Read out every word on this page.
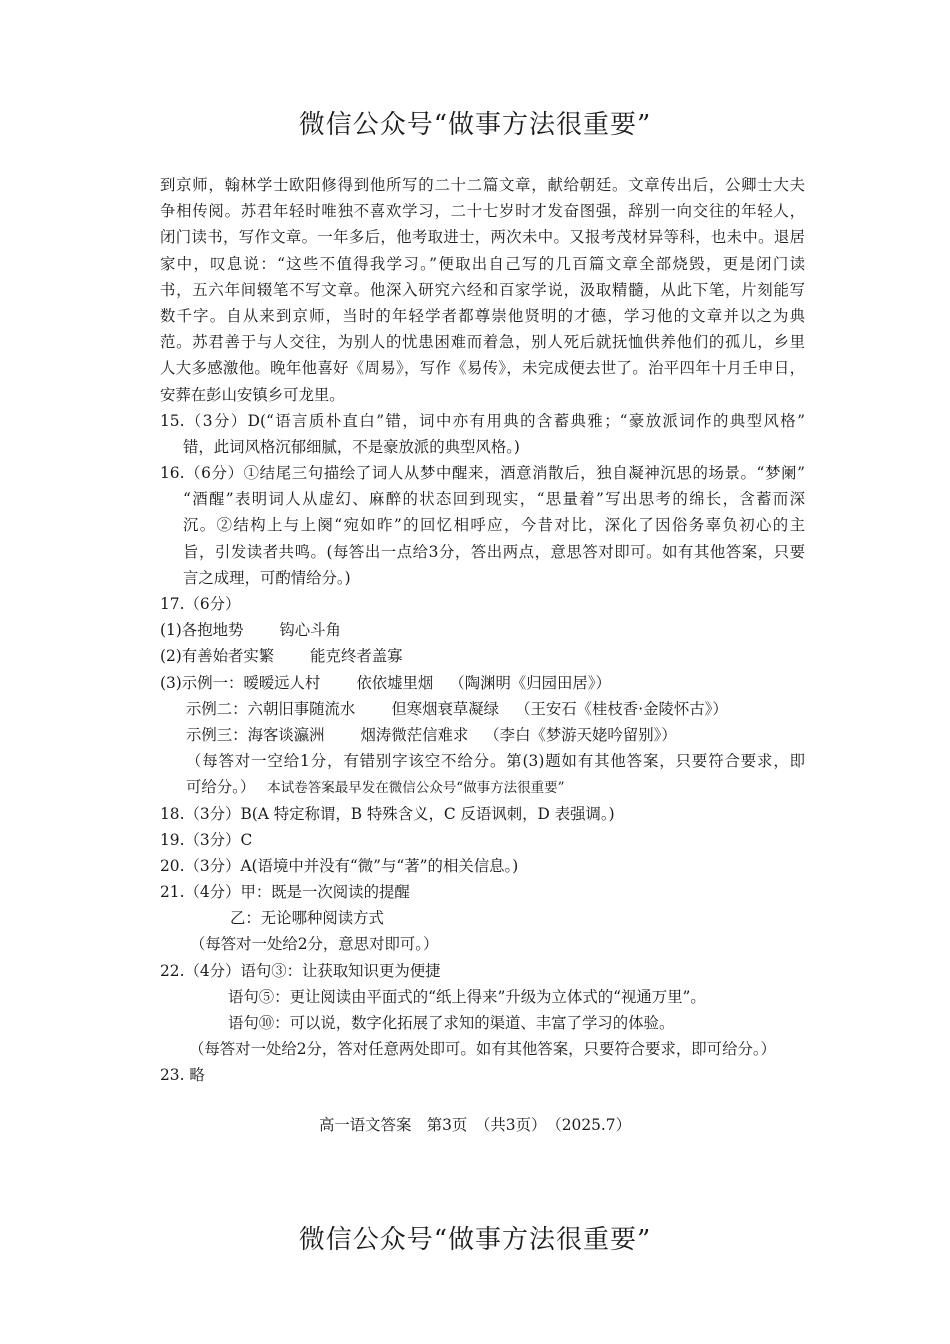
微信公众号“做事方法很重要”
到京师，翰林学士欧阳修得到他所写的二十二篇文章，献给朝廷。文章传出后，公卿士大夫
争相传阅。苏君年轻时唯独不喜欢学习，二十七岁时才发奋图强，辞别一向交往的年轻人，
闭门读书，写作文章。一年多后，他考取进士，两次未中。又报考茂材异等科，也未中。退居
家中，叹息说：“这些不值得我学习。”便取出自己写的几百篇文章全部烧毁，更是闭门读
书，五六年间辍笔不写文章。他深入研究六经和百家学说，汲取精髓，从此下笔，片刻能写
数千字。自从来到京师，当时的年轻学者都尊崇他贤明的才德，学习他的文章并以之为典
范。苏君善于与人交往，为别人的忧患困难而着急，别人死后就抚恤供养他们的孤儿，乡里
人大多感激他。晚年他喜好《周易》，写作《易传》，未完成便去世了。治平四年十月壬申日，
安葬在彭山安镇乡可龙里。
15.（3分）D(“语言质朴直白”错，词中亦有用典的含蓄典雅；“豪放派词作的典型风格”
错，此词风格沉郁细腻，不是豪放派的典型风格。)
16.（6分）①结尾三句描绘了词人从梦中醒来，酒意消散后，独自凝神沉思的场景。“梦阑”
“酒醒”表明词人从虚幻、麻醉的状态回到现实，“思量着”写出思考的绵长，含蓄而深
沉。②结构上与上阕“宛如昨”的回忆相呼应，今昔对比，深化了因俗务辜负初心的主
旨，引发读者共鸣。(每答出一点给3分，答出两点，意思答对即可。如有其他答案，只要
言之成理，可酌情给分。)
17.（6分）
(1)各抱地势 钩心斗角
(2)有善始者实繁 能克终者盖寡
(3)示例一：暧暧远人村 依依墟里烟 （陶渊明《归园田居》）
示例二：六朝旧事随流水 但寒烟衰草凝绿 （王安石《桂枝香·金陵怀古》）
示例三：海客谈瀛洲 烟涛微茫信难求 （李白《梦游天姥吟留别》）
（每答对一空给1分，有错别字该空不给分。第(3)题如有其他答案，只要符合要求，即
可给分。） 本试卷答案最早发在微信公众号“做事方法很重要”
18.（3分）B(A 特定称谓，B 特殊含义，C 反语讽刺，D 表强调。)
19.（3分）C
20.（3分）A(语境中并没有“微”与“著”的相关信息。)
21.（4分）甲：既是一次阅读的提醒
乙：无论哪种阅读方式
（每答对一处给2分，意思对即可。）
22.（4分）语句③：让获取知识更为便捷
语句⑤：更让阅读由平面式的“纸上得来”升级为立体式的“视通万里”。
语句⑩：可以说，数字化拓展了求知的渠道、丰富了学习的体验。
（每答对一处给2分，答对任意两处即可。如有其他答案，只要符合要求，即可给分。）
23. 略
高一语文答案　第3页　（共3页）　（2025.7）
微信公众号“做事方法很重要”
